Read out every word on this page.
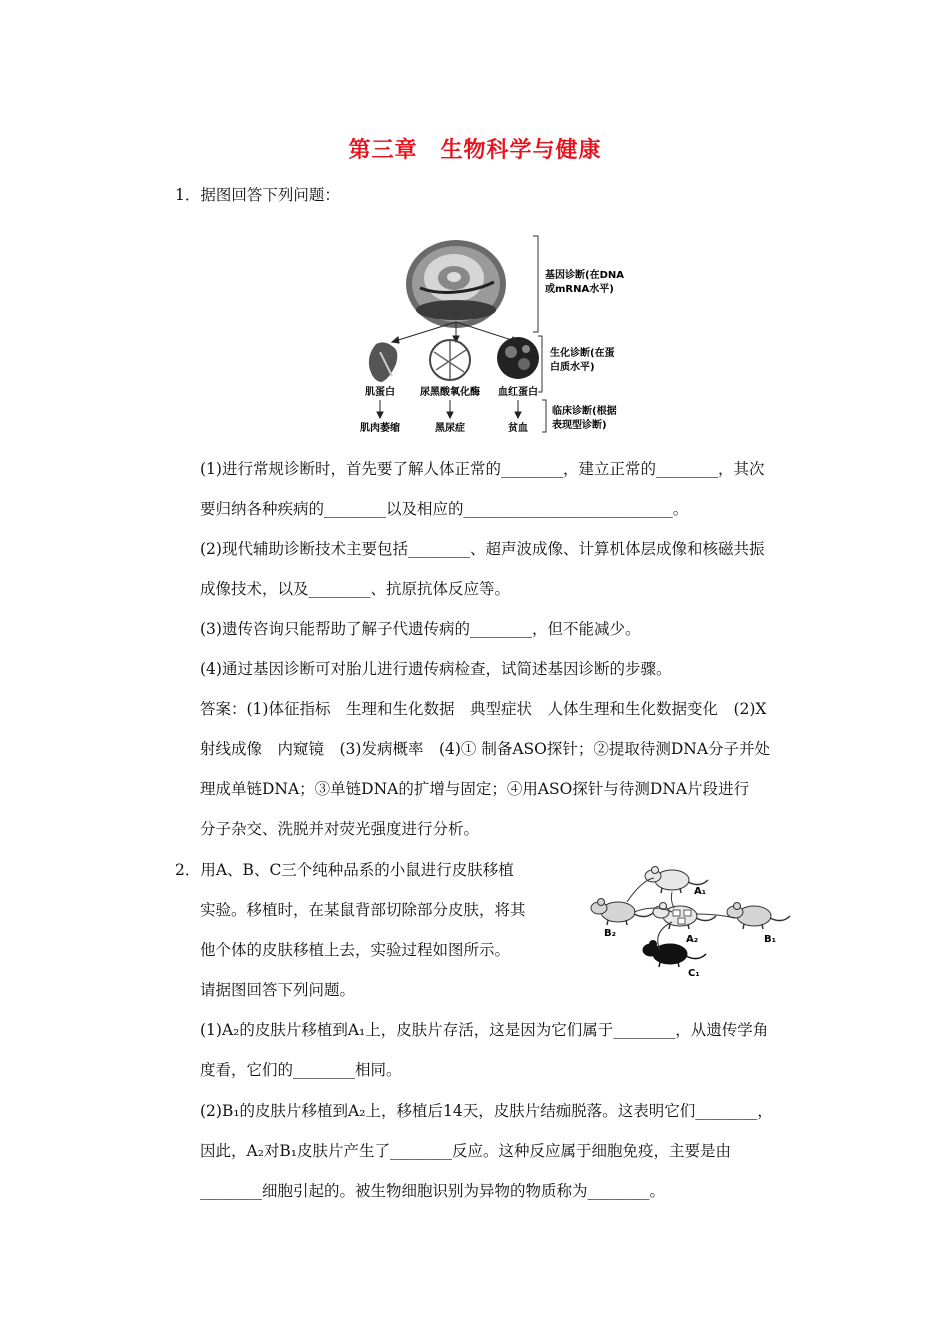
第三章　生物科学与健康
1．据图回答下列问题：
肌蛋白	尿黑酸氧化酶 血红蛋白
肌肉萎缩	黑尿症	贫血
基因诊断(在DNA
或mRNA水平)
生化诊断(在蛋
白质水平)
临床诊断(根据
表现型诊断)
(1)进行常规诊断时，首先要了解人体正常的________，建立正常的________，其次
要归纳各种疾病的________以及相应的___________________________。
(2)现代辅助诊断技术主要包括________、超声波成像、计算机体层成像和核磁共振
成像技术，以及________、抗原抗体反应等。
(3)遗传咨询只能帮助了解子代遗传病的________，但不能减少。
(4)通过基因诊断可对胎儿进行遗传病检查，试简述基因诊断的步骤。
答案：(1)体征指标　生理和生化数据　典型症状　人体生理和生化数据变化　(2)X
射线成像　内窥镜　(3)发病概率　(4)① 制备ASO探针；②提取待测DNA分子并处
理成单链DNA；③单链DNA的扩增与固定；④用ASO探针与待测DNA片段进行
分子杂交、洗脱并对荧光强度进行分析。
2．用A、B、C三个纯种品系的小鼠进行皮肤移植
实验。移植时，在某鼠背部切除部分皮肤，将其
他个体的皮肤移植上去，实验过程如图所示。
请据图回答下列问题。
A₁
A₂
B₂
B₁
C₁
(1)A₂的皮肤片移植到A₁上，皮肤片存活，这是因为它们属于________，从遗传学角
度看，它们的________相同。
(2)B₁的皮肤片移植到A₂上，移植后14天，皮肤片结痂脱落。这表明它们________，
因此，A₂对B₁皮肤片产生了________反应。这种反应属于细胞免疫，主要是由
________细胞引起的。被生物细胞识别为异物的物质称为________。
